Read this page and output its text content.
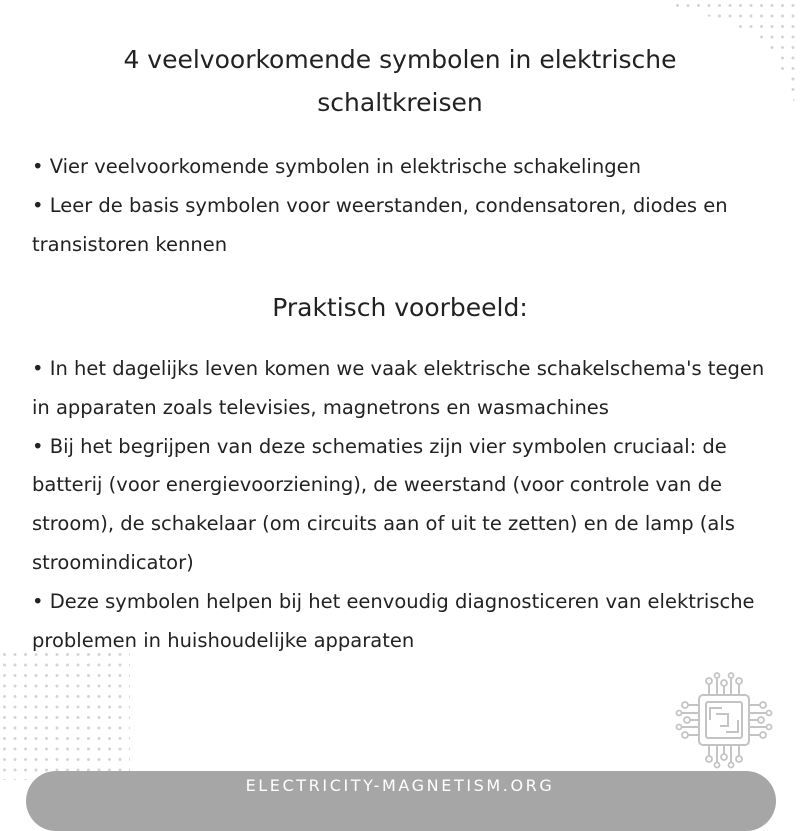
4 veelvoorkomende symbolen in elektrische schaltkreisen

• Vier veelvoorkomende symbolen in elektrische schakelingen

• Leer de basis symbolen voor weerstanden, condensatoren, diodes en transistoren kennen

Praktisch voorbeeld:

• In het dagelijks leven komen we vaak elektrische schakelschema's tegen in apparaten zoals televisies, magnetrons en wasmachines

• Bij het begrijpen van deze schematies zijn vier symbolen cruciaal: de batterij (voor energievoorziening), de weerstand (voor controle van de stroom), de schakelaar (om circuits aan of uit te zetten) en de lamp (als stroomindicator)

• Deze symbolen helpen bij het eenvoudig diagnosticeren van elektrische problemen in huishoudelijke apparaten

ELECTRICITY-MAGNETISM.ORG
